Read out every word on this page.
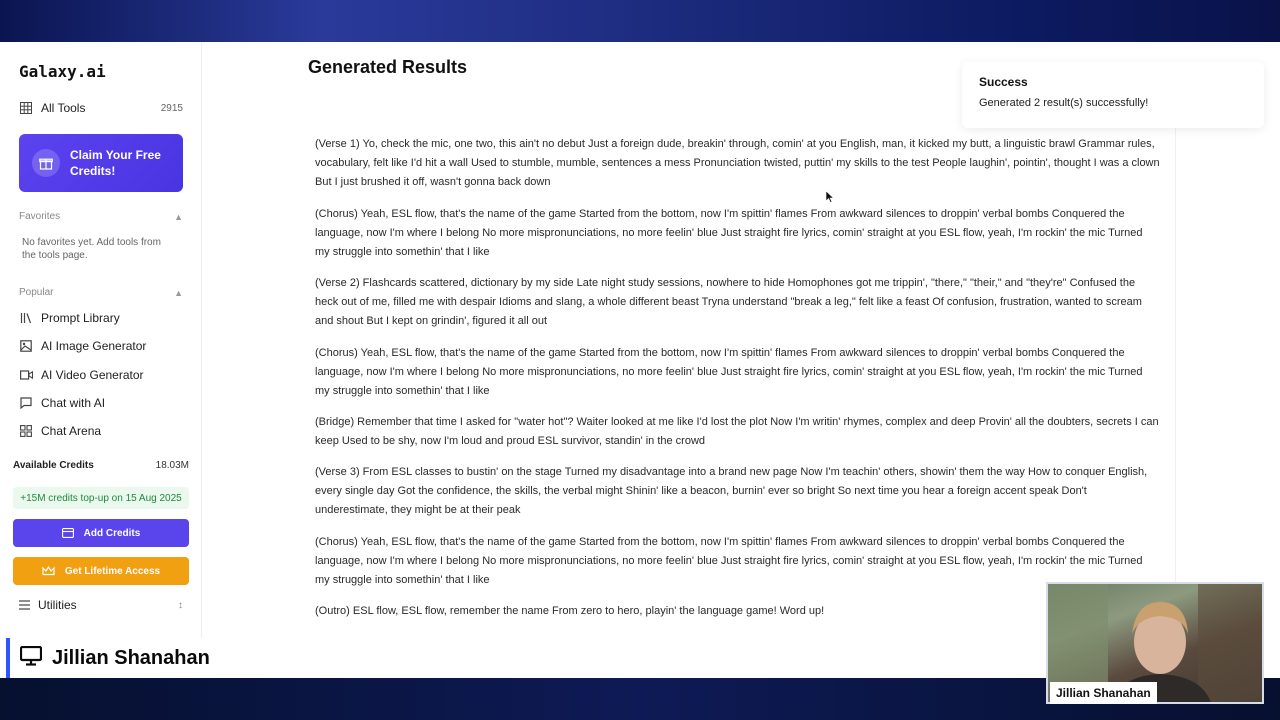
Galaxy.ai
All Tools	2915
Claim Your Free Credits!
Favorites	▲
No favorites yet. Add tools from the tools page.
Popular	▲
Prompt Library
AI Image Generator
AI Video Generator
Chat with AI
Chat Arena
Available Credits	18.03M
+15M credits top-up on 15 Aug 2025
Add Credits
Get Lifetime Access
Utilities	↕
Generated Results

(Verse 1) Yo, check the mic, one two, this ain't no debut Just a foreign dude, breakin' through, comin' at you English, man, it kicked my butt, a linguistic brawl Grammar rules, vocabulary, felt like I'd hit a wall Used to stumble, mumble, sentences a mess Pronunciation twisted, puttin' my skills to the test People laughin', pointin', thought I was a clown But I just brushed it off, wasn't gonna back down

(Chorus) Yeah, ESL flow, that's the name of the game Started from the bottom, now I'm spittin' flames From awkward silences to droppin' verbal bombs Conquered the language, now I'm where I belong No more mispronunciations, no more feelin' blue Just straight fire lyrics, comin' straight at you ESL flow, yeah, I'm rockin' the mic Turned my struggle into somethin' that I like

(Verse 2) Flashcards scattered, dictionary by my side Late night study sessions, nowhere to hide Homophones got me trippin', "there," "their," and "they're" Confused the heck out of me, filled me with despair Idioms and slang, a whole different beast Tryna understand "break a leg," felt like a feast Of confusion, frustration, wanted to scream and shout But I kept on grindin', figured it all out

(Chorus) Yeah, ESL flow, that's the name of the game Started from the bottom, now I'm spittin' flames From awkward silences to droppin' verbal bombs Conquered the language, now I'm where I belong No more mispronunciations, no more feelin' blue Just straight fire lyrics, comin' straight at you ESL flow, yeah, I'm rockin' the mic Turned my struggle into somethin' that I like

(Bridge) Remember that time I asked for "water hot"? Waiter looked at me like I'd lost the plot Now I'm writin' rhymes, complex and deep Provin' all the doubters, secrets I can keep Used to be shy, now I'm loud and proud ESL survivor, standin' in the crowd

(Verse 3) From ESL classes to bustin' on the stage Turned my disadvantage into a brand new page Now I'm teachin' others, showin' them the way How to conquer English, every single day Got the confidence, the skills, the verbal might Shinin' like a beacon, burnin' ever so bright So next time you hear a foreign accent speak Don't underestimate, they might be at their peak

(Chorus) Yeah, ESL flow, that's the name of the game Started from the bottom, now I'm spittin' flames From awkward silences to droppin' verbal bombs Conquered the language, now I'm where I belong No more mispronunciations, no more feelin' blue Just straight fire lyrics, comin' straight at you ESL flow, yeah, I'm rockin' the mic Turned my struggle into somethin' that I like

(Outro) ESL flow, ESL flow, remember the name From zero to hero, playin' the language game! Word up!

Success
Generated 2 result(s) successfully!
Jillian Shanahan
Jillian Shanahan
